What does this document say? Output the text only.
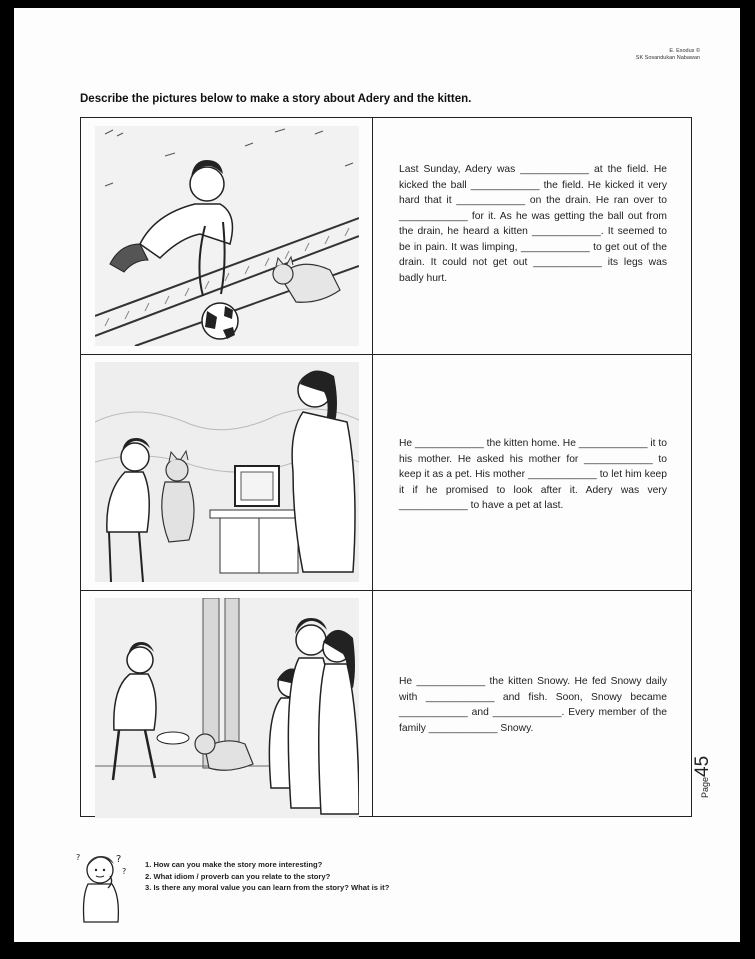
E. Exodus ©
SK Sosandukan Nabawan
Describe the pictures below to make a story about Adery and the kitten.

Last Sunday, Adery was ____________ at the field. He kicked the ball ____________ the field. He kicked it very hard that it ____________ on the drain. He ran over to ____________ for it. As he was getting the ball out from the drain, he heard a kitten ____________. It seemed to be in pain. It was limping, ____________ to get out of the drain. It could not get out ____________ its legs was badly hurt.

He ____________ the kitten home. He ____________ it to his mother. He asked his mother for ____________ to keep it as a pet. His mother ____________ to let him keep it if he promised to look after it. Adery was very ____________ to have a pet at last.

He ____________ the kitten Snowy. He fed Snowy daily with ____________ and fish. Soon, Snowy became ____________ and ____________. Every member of the family ____________ Snowy.

Page45
?
?
?
1. How can you make the story more interesting?
2. What idiom / proverb can you relate to the story?
3. Is there any moral value you can learn from the story? What is it?
